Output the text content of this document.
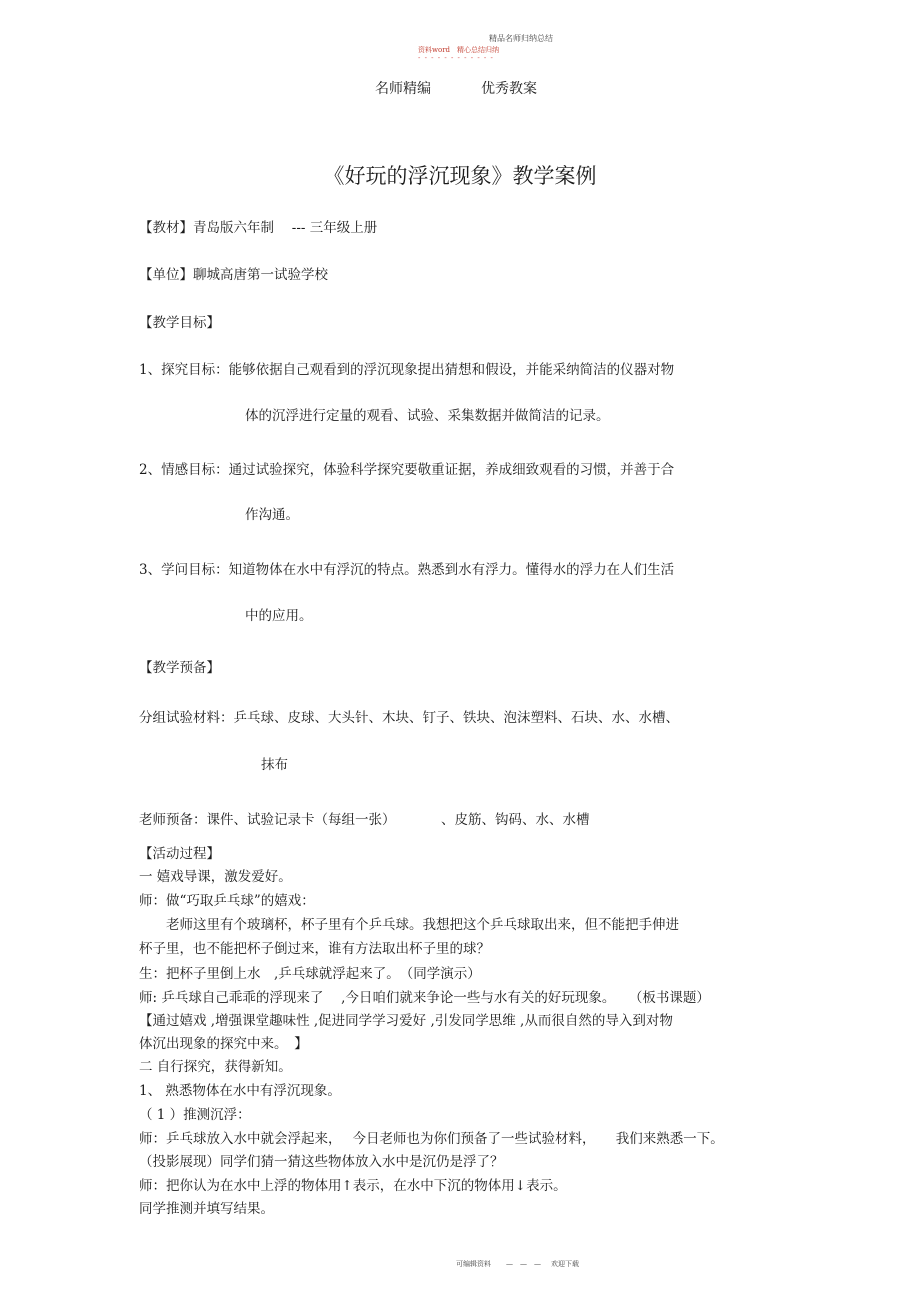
精品名师归纳总结
资料word　精心总结归纳
- - - - - - - - - - - -
名师精编	优秀教案
《好玩的浮沉现象》教学案例
【教材】青岛版六年制　 --- 三年级上册
【单位】聊城高唐第一试验学校
【教学目标】
1、探究目标：能够依据自己观看到的浮沉现象提出猜想和假设，并能采纳简洁的仪器对物
体的沉浮进行定量的观看、试验、采集数据并做简洁的记录。
2、情感目标：通过试验探究，体验科学探究要敬重证据，养成细致观看的习惯，并善于合
作沟通。
3、学问目标：知道物体在水中有浮沉的特点。熟悉到水有浮力。懂得水的浮力在人们生活
中的应用。
【教学预备】
分组试验材料：乒乓球、皮球、大头针、木块、钉子、铁块、泡沫塑料、石块、水、水槽、
抹布
老师预备：课件、试验记录卡（每组一张）	、皮筋、钩码、水、水槽
【活动过程】
一 嬉戏导课，激发爱好。
师：做“巧取乒乓球”的嬉戏：
　　老师这里有个玻璃杯，杯子里有个乒乓球。我想把这个乒乓球取出来，但不能把手伸进
杯子里，也不能把杯子倒过来，谁有方法取出杯子里的球？
生：把杯子里倒上水　,乒乓球就浮起来了。　（同学演示）
师: 乒乓球自己乖乖的浮现来了　 ,今日咱们就来争论一些与水有关的好玩现象。　　（板书课题）
【通过嬉戏 ,增强课堂趣味性 ,促进同学学习爱好 ,引发同学思维 ,从而很自然的导入到对物
体沉出现象的探究中来。　】
二 自行探究，获得新知。
1、 熟悉物体在水中有浮沉现象。
（ 1 ）推测沉浮：
师：乒乓球放入水中就会浮起来，　 今日老师也为你们预备了一些试验材料，　　我们来熟悉一下。
（投影展现）同学们猜一猜这些物体放入水中是沉仍是浮了？
师：把你认为在水中上浮的物体用↑表示，在水中下沉的物体用↓表示。
同学推测并填写结果。
可编辑资料 —　—　— 欢迎下载
